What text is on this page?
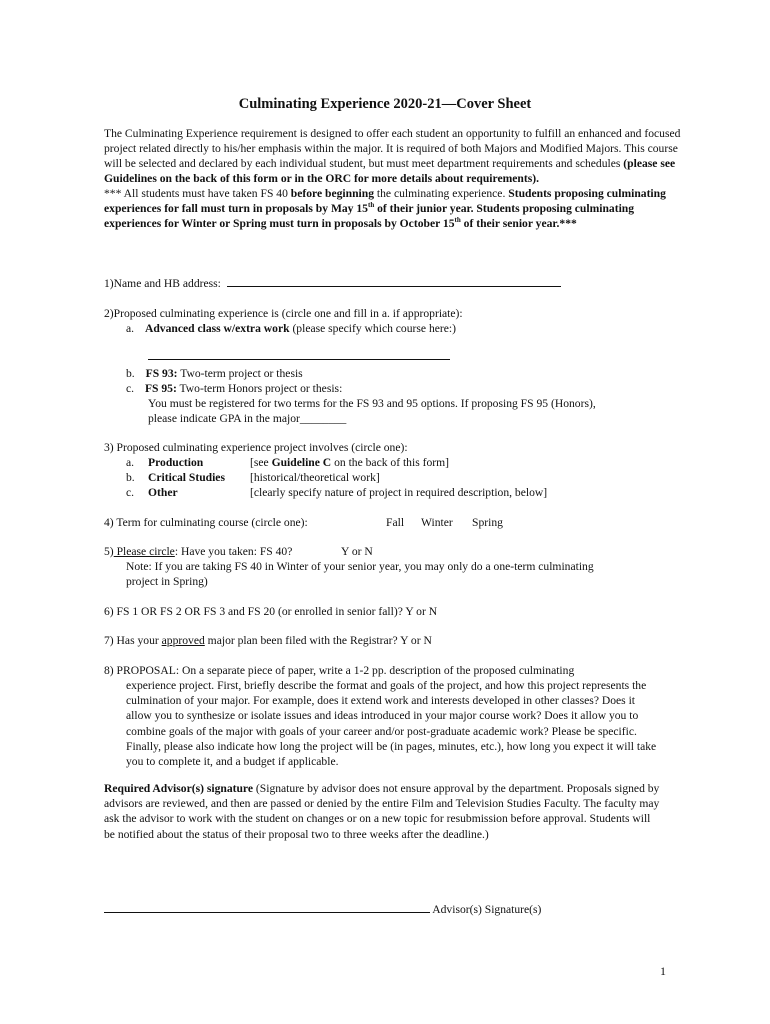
Culminating Experience 2020-21—Cover Sheet
The Culminating Experience requirement is designed to offer each student an opportunity to fulfill an enhanced and focused project related directly to his/her emphasis within the major. It is required of both Majors and Modified Majors. This course will be selected and declared by each individual student, but must meet department requirements and schedules (please see Guidelines on the back of this form or in the ORC for more details about requirements).
*** All students must have taken FS 40 before beginning the culminating experience. Students proposing culminating experiences for fall must turn in proposals by May 15th of their junior year. Students proposing culminating experiences for Winter or Spring must turn in proposals by October 15th of their senior year.***
1)Name and HB address:
2)Proposed culminating experience is (circle one and fill in a. if appropriate):
a. Advanced class w/extra work (please specify which course here:)
b. FS 93: Two-term project or thesis
c. FS 95: Two-term Honors project or thesis:
You must be registered for two terms for the FS 93 and 95 options. If proposing FS 95 (Honors),
please indicate GPA in the major________
3) Proposed culminating experience project involves (circle one):
a. Production	[see Guideline C on the back of this form]
b. Critical Studies [historical/theoretical work]
c. Other	[clearly specify nature of project in required description, below]
4) Term for culminating course (circle one):	Fall Winter Spring
5) Please circle: Have you taken: FS 40?	Y or N
Note: If you are taking FS 40 in Winter of your senior year, you may only do a one-term culminating
project in Spring)
6) FS 1 OR FS 2 OR FS 3 and FS 20 (or enrolled in senior fall)? Y or N
7) Has your approved major plan been filed with the Registrar? Y or N
8) PROPOSAL: On a separate piece of paper, write a 1-2 pp. description of the proposed culminating
experience project. First, briefly describe the format and goals of the project, and how this project represents the culmination of your major. For example, does it extend work and interests developed in other classes? Does it allow you to synthesize or isolate issues and ideas introduced in your major course work? Does it allow you to combine goals of the major with goals of your career and/or post-graduate academic work? Please be specific. Finally, please also indicate how long the project will be (in pages, minutes, etc.), how long you expect it will take you to complete it, and a budget if applicable.
Required Advisor(s) signature (Signature by advisor does not ensure approval by the department. Proposals signed by advisors are reviewed, and then are passed or denied by the entire Film and Television Studies Faculty. The faculty may ask the advisor to work with the student on changes or on a new topic for resubmission before approval. Students will be notified about the status of their proposal two to three weeks after the deadline.)
Advisor(s) Signature(s)
1
